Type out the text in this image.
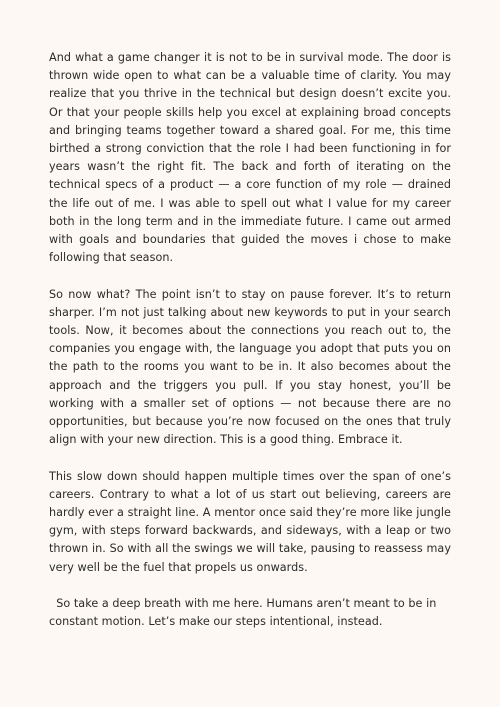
And what a game changer it is not to be in survival mode. The door is thrown wide open to what can be a valuable time of clarity. You may realize that you thrive in the technical but design doesn’t excite you. Or that your people skills help you excel at explaining broad concepts and bringing teams together toward a shared goal. For me, this time birthed a strong conviction that the role I had been functioning in for years wasn’t the right fit. The back and forth of iterating on the technical specs of a product — a core function of my role — drained the life out of me. I was able to spell out what I value for my career both in the long term and in the immediate future. I came out armed with goals and boundaries that guided the moves i chose to make following that season.

So now what? The point isn’t to stay on pause forever. It’s to return sharper. I’m not just talking about new keywords to put in your search tools. Now, it becomes about the connections you reach out to, the companies you engage with, the language you adopt that puts you on the path to the rooms you want to be in. It also becomes about the approach and the triggers you pull. If you stay honest, you’ll be working with a smaller set of options — not because there are no opportunities, but because you’re now focused on the ones that truly align with your new direction. This is a good thing. Embrace it.

This slow down should happen multiple times over the span of one’s careers. Contrary to what a lot of us start out believing, careers are hardly ever a straight line. A mentor once said they’re more like jungle gym, with steps forward backwards, and sideways, with a leap or two thrown in. So with all the swings we will take, pausing to reassess may very well be the fuel that propels us onwards.

So take a deep breath with me here. Humans aren’t meant to be in constant motion. Let’s make our steps intentional, instead.
